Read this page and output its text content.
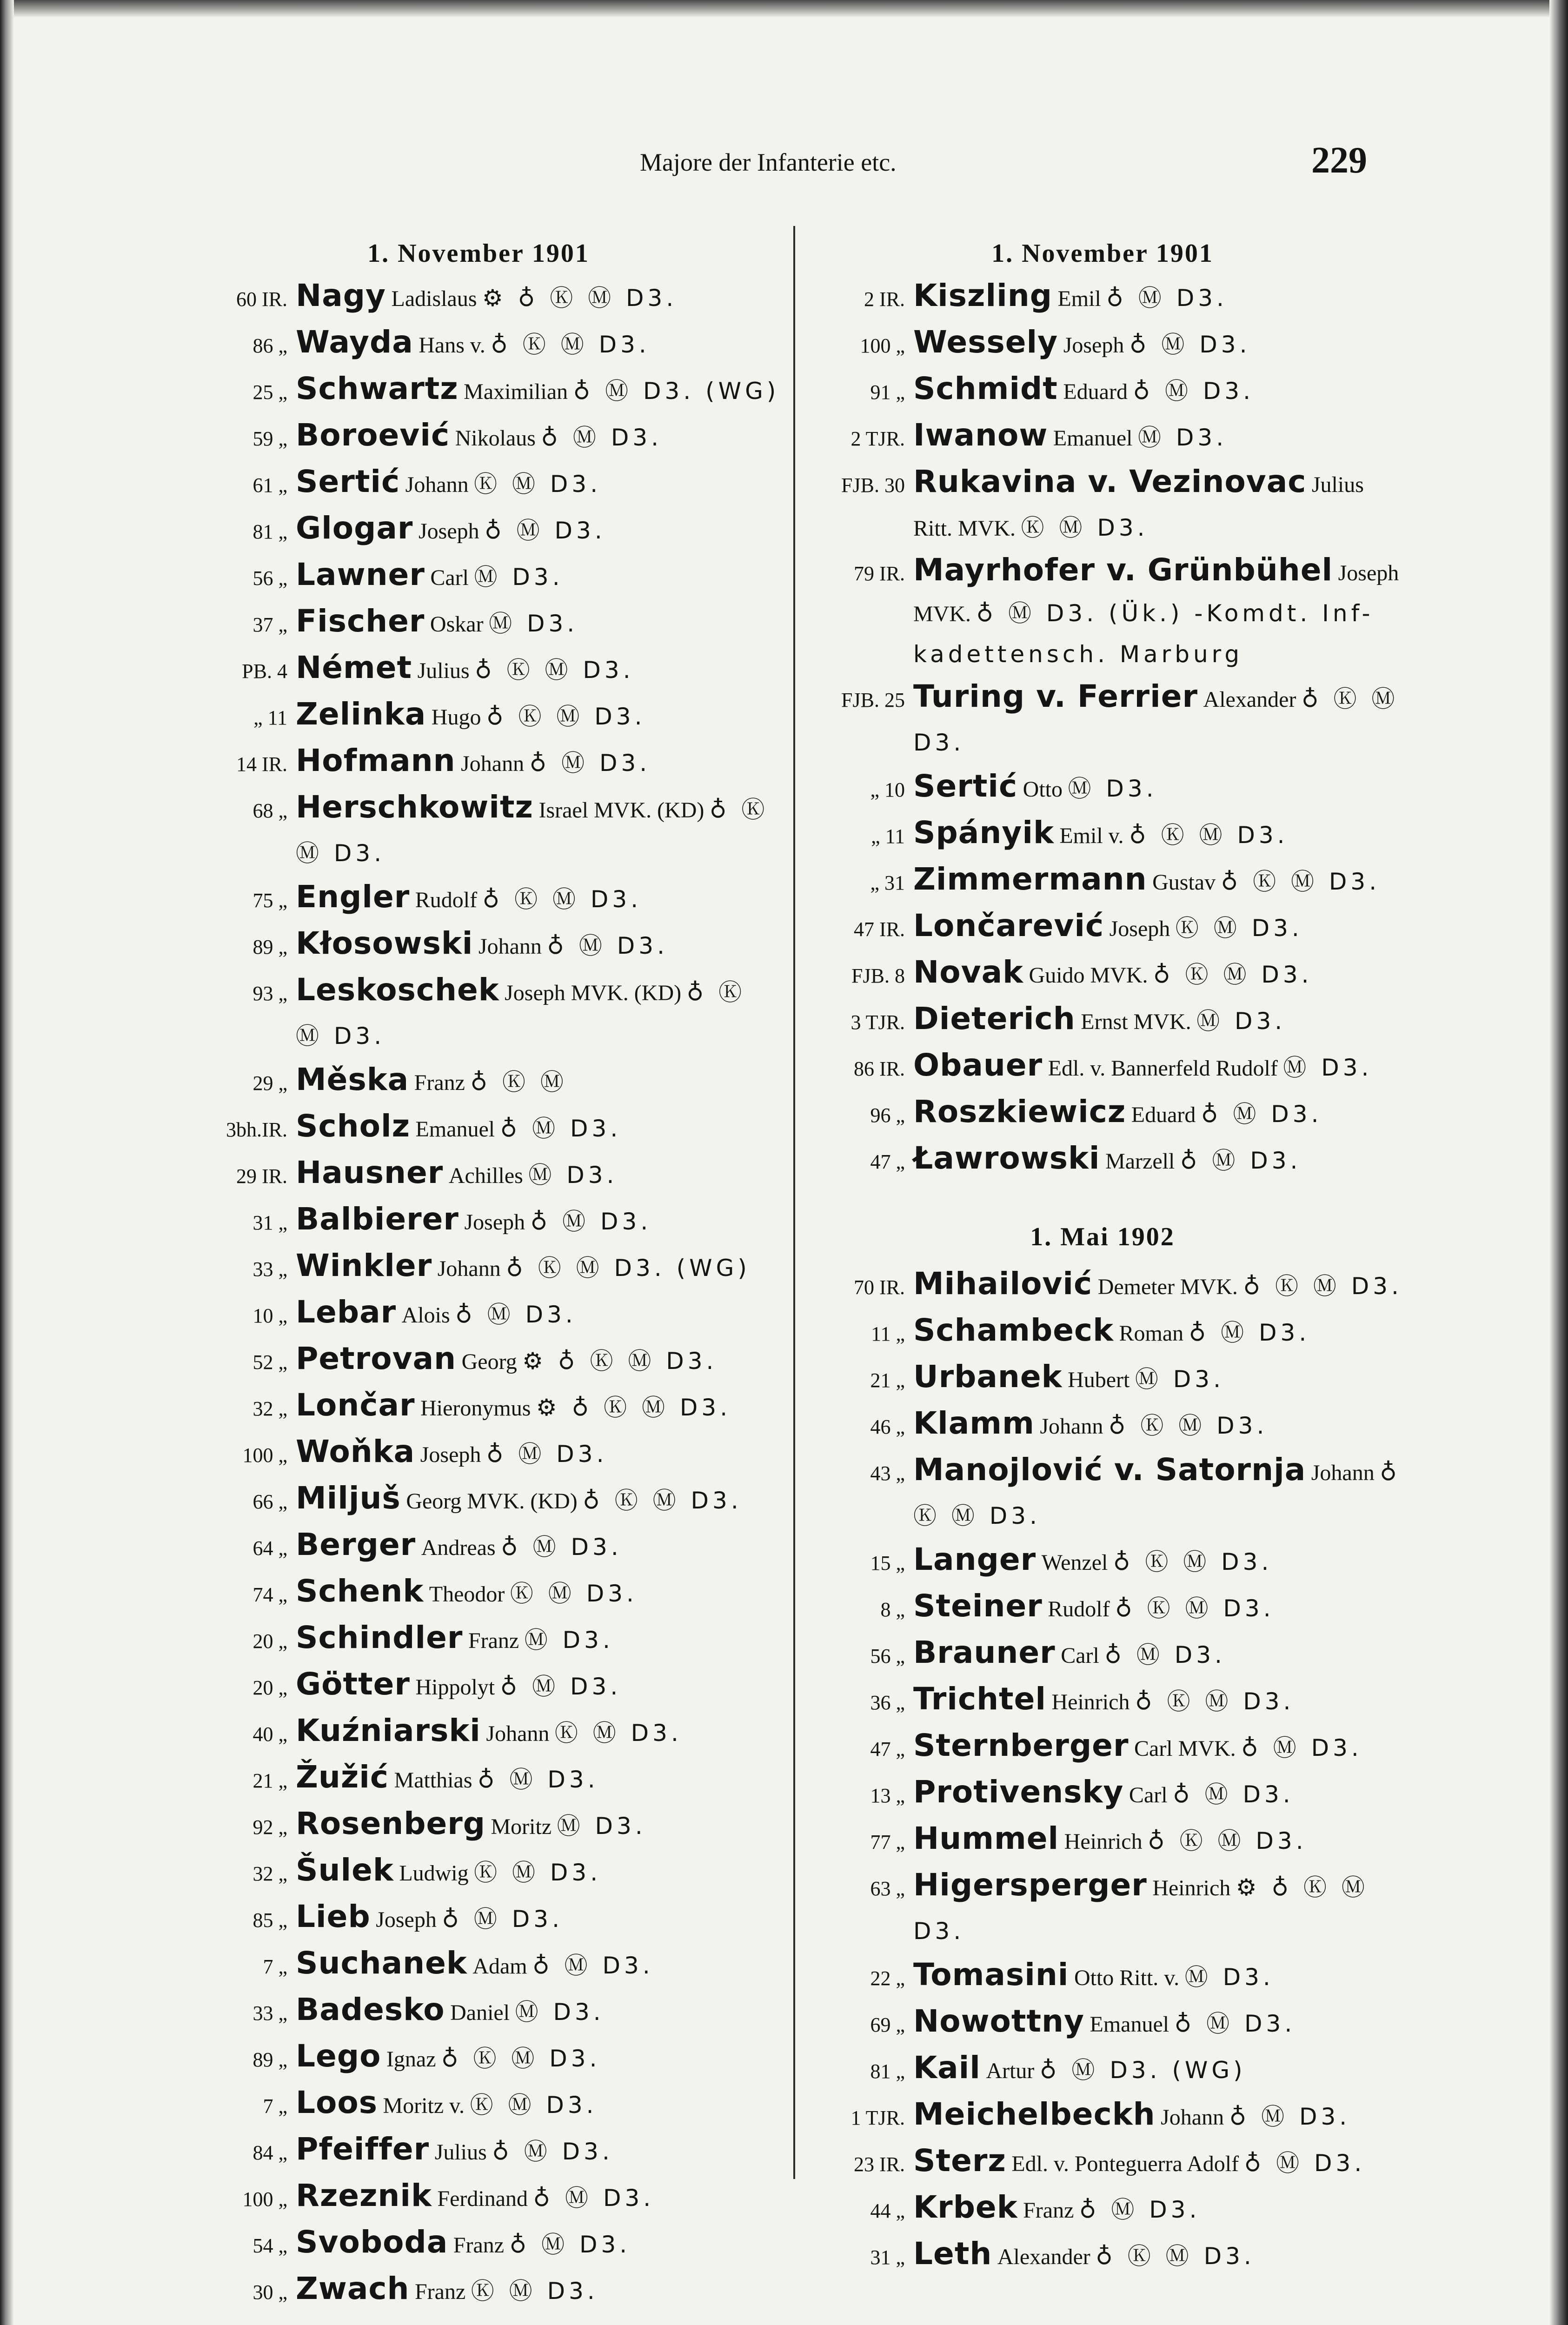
Majore der Infanterie etc.	229
1. November 1901
60 IR. Nagy Ladislaus ⚙ ♁ Ⓚ Ⓜ D3.
86 „ Wayda Hans v. ♁ Ⓚ Ⓜ D3.
25 „ Schwartz Maximilian ♁ Ⓜ D3. (WG)
59 „ Boroević Nikolaus ♁ Ⓜ D3.
61 „ Sertić Johann Ⓚ Ⓜ D3.
81 „ Glogar Joseph ♁ Ⓜ D3.
56 „ Lawner Carl Ⓜ D3.
37 „ Fischer Oskar Ⓜ D3.
PB. 4 Német Julius ♁ Ⓚ Ⓜ D3.
„ 11 Zelinka Hugo ♁ Ⓚ Ⓜ D3.
14 IR. Hofmann Johann ♁ Ⓜ D3.
68 „ Herschkowitz Israel MVK. (KD) ♁ Ⓚ Ⓜ D3.
75 „ Engler Rudolf ♁ Ⓚ Ⓜ D3.
89 „ Kłosowski Johann ♁ Ⓜ D3.
93 „ Leskoschek Joseph MVK. (KD) ♁ Ⓚ Ⓜ D3.
29 „ Měska Franz ♁ Ⓚ Ⓜ
3bh.IR. Scholz Emanuel ♁ Ⓜ D3.
29 IR. Hausner Achilles Ⓜ D3.
31 „ Balbierer Joseph ♁ Ⓜ D3.
33 „ Winkler Johann ♁ Ⓚ Ⓜ D3. (WG)
10 „ Lebar Alois ♁ Ⓜ D3.
52 „ Petrovan Georg ⚙ ♁ Ⓚ Ⓜ D3.
32 „ Lončar Hieronymus ⚙ ♁ Ⓚ Ⓜ D3.
100 „ Woňka Joseph ♁ Ⓜ D3.
66 „ Miljuš Georg MVK. (KD) ♁ Ⓚ Ⓜ D3.
64 „ Berger Andreas ♁ Ⓜ D3.
74 „ Schenk Theodor Ⓚ Ⓜ D3.
20 „ Schindler Franz Ⓜ D3.
20 „ Götter Hippolyt ♁ Ⓜ D3.
40 „ Kuźniarski Johann Ⓚ Ⓜ D3.
21 „ Žužić Matthias ♁ Ⓜ D3.
92 „ Rosenberg Moritz Ⓜ D3.
32 „ Šulek Ludwig Ⓚ Ⓜ D3.
85 „ Lieb Joseph ♁ Ⓜ D3.
7 „ Suchanek Adam ♁ Ⓜ D3.
33 „ Badesko Daniel Ⓜ D3.
89 „ Lego Ignaz ♁ Ⓚ Ⓜ D3.
7 „ Loos Moritz v. Ⓚ Ⓜ D3.
84 „ Pfeiffer Julius ♁ Ⓜ D3.
100 „ Rzeznik Ferdinand ♁ Ⓜ D3.
54 „ Svoboda Franz ♁ Ⓜ D3.
30 „ Zwach Franz Ⓚ Ⓜ D3.
1. November 1901
2 IR. Kiszling Emil ♁ Ⓜ D3.
100 „ Wessely Joseph ♁ Ⓜ D3.
91 „ Schmidt Eduard ♁ Ⓜ D3.
2 TJR. Iwanow Emanuel Ⓜ D3.
FJB. 30 Rukavina v. Vezinovac Julius Ritt. MVK. Ⓚ Ⓜ D3.
79 IR. Mayrhofer v. Grünbühel Joseph MVK. ♁ Ⓜ D3. (Ük.) -Komdt. Inf-kadettensch. Marburg
FJB. 25 Turing v. Ferrier Alexander ♁ Ⓚ Ⓜ D3.
„ 10 Sertić Otto Ⓜ D3.
„ 11 Spányik Emil v. ♁ Ⓚ Ⓜ D3.
„ 31 Zimmermann Gustav ♁ Ⓚ Ⓜ D3.
47 IR. Lončarević Joseph Ⓚ Ⓜ D3.
FJB. 8 Novak Guido MVK. ♁ Ⓚ Ⓜ D3.
3 TJR. Dieterich Ernst MVK. Ⓜ D3.
86 IR. Obauer Edl. v. Bannerfeld Rudolf Ⓜ D3.
96 „ Roszkiewicz Eduard ♁ Ⓜ D3.
47 „ Ławrowski Marzell ♁ Ⓜ D3.
1. Mai 1902
70 IR. Mihailović Demeter MVK. ♁ Ⓚ Ⓜ D3.
11 „ Schambeck Roman ♁ Ⓜ D3.
21 „ Urbanek Hubert Ⓜ D3.
46 „ Klamm Johann ♁ Ⓚ Ⓜ D3.
43 „ Manojlović v. Satornja Johann ♁ Ⓚ Ⓜ D3.
15 „ Langer Wenzel ♁ Ⓚ Ⓜ D3.
8 „ Steiner Rudolf ♁ Ⓚ Ⓜ D3.
56 „ Brauner Carl ♁ Ⓜ D3.
36 „ Trichtel Heinrich ♁ Ⓚ Ⓜ D3.
47 „ Sternberger Carl MVK. ♁ Ⓜ D3.
13 „ Protivensky Carl ♁ Ⓜ D3.
77 „ Hummel Heinrich ♁ Ⓚ Ⓜ D3.
63 „ Higersperger Heinrich ⚙ ♁ Ⓚ Ⓜ D3.
22 „ Tomasini Otto Ritt. v. Ⓜ D3.
69 „ Nowottny Emanuel ♁ Ⓜ D3.
81 „ Kail Artur ♁ Ⓜ D3. (WG)
1 TJR. Meichelbeckh Johann ♁ Ⓜ D3.
23 IR. Sterz Edl. v. Ponteguerra Adolf ♁ Ⓜ D3.
44 „ Krbek Franz ♁ Ⓜ D3.
31 „ Leth Alexander ♁ Ⓚ Ⓜ D3.
